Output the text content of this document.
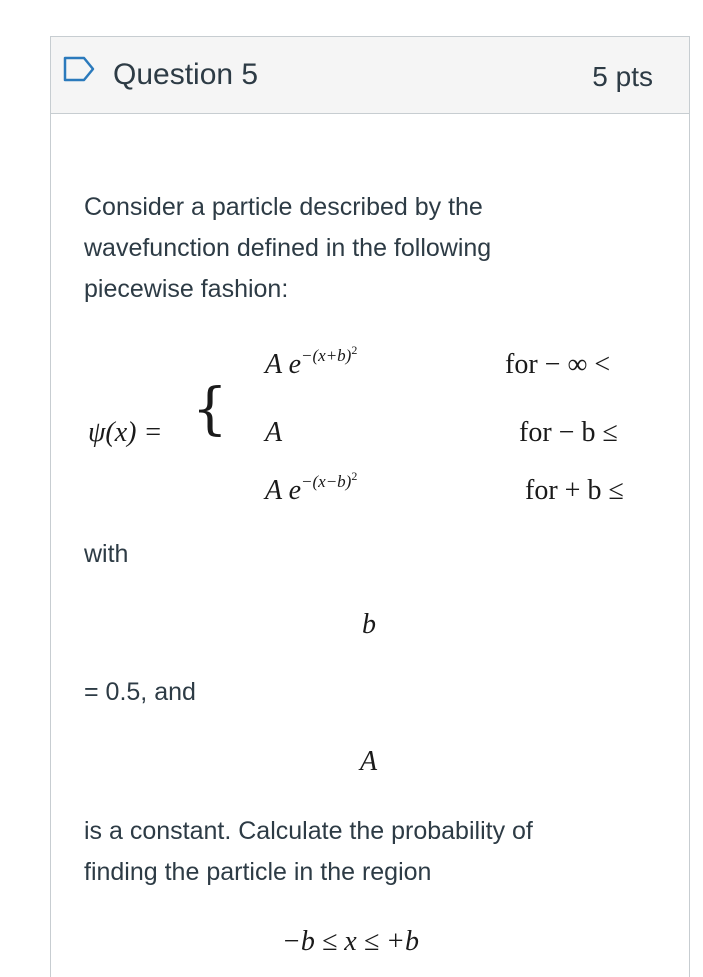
Question 5	5 pts
Consider a particle described by the
wavefunction defined in the following
piecewise fashion:
ψ(x) = {
A $e^{-(x+b)^2}$	for − ∞ <
A	for − b ≤
A $e^{-(x-b)^2}$	for + b ≤
with
b
= 0.5, and
A
is a constant. Calculate the probability of
finding the particle in the region
−b ≤ x ≤ +b
